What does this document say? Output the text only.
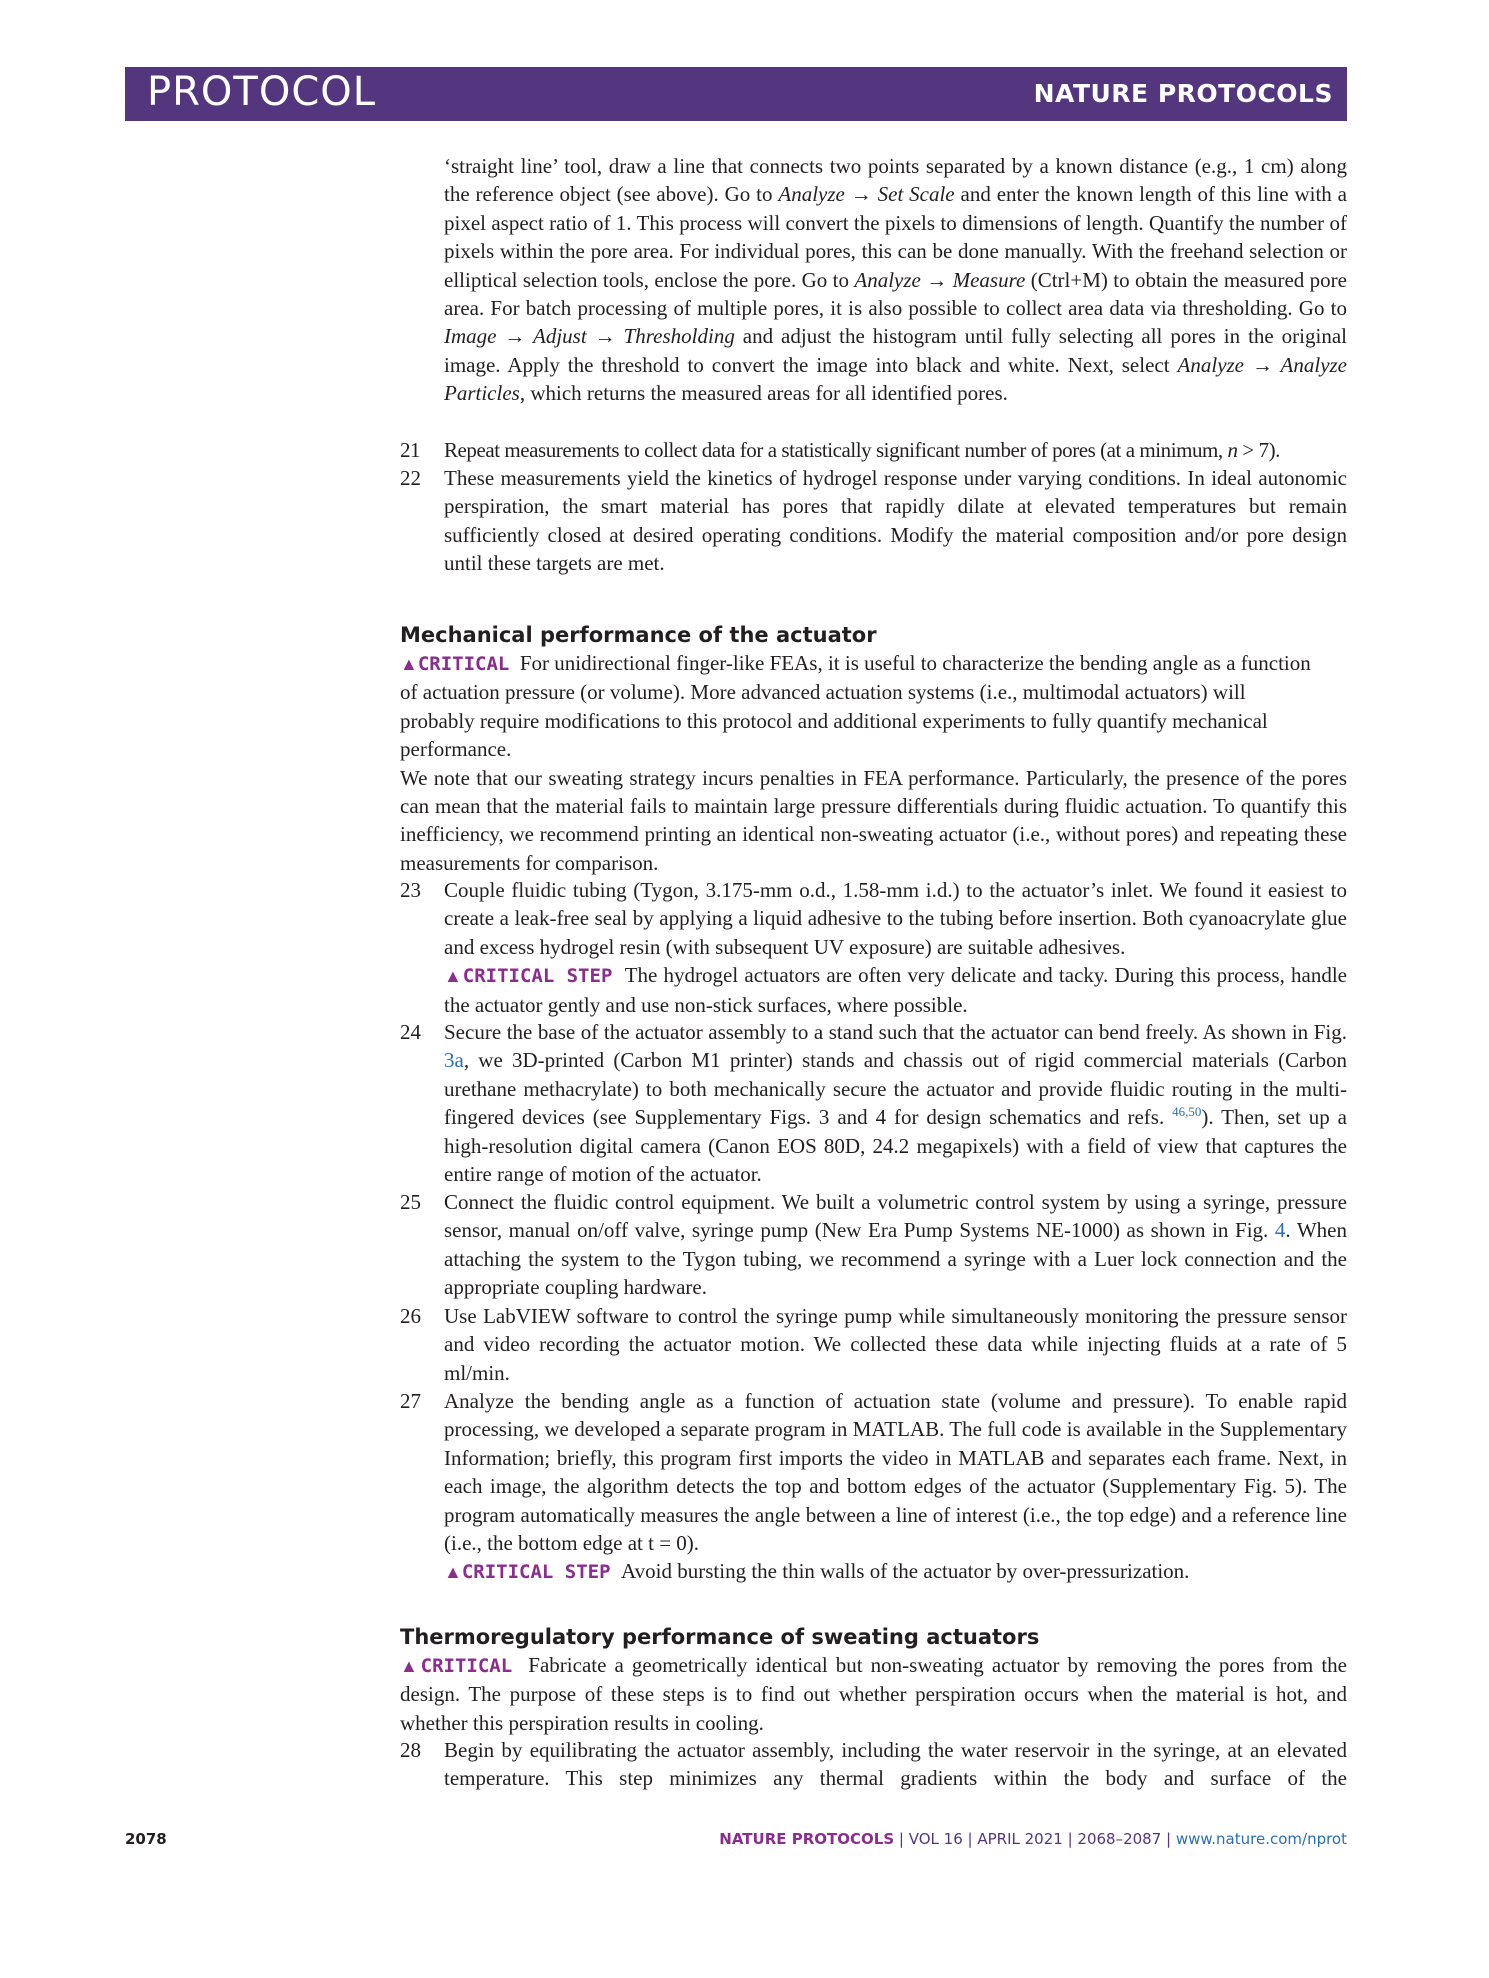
PROTOCOL	NATURE PROTOCOLS

‘straight line’ tool, draw a line that connects two points separated by a known distance (e.g., 1 cm) along the reference object (see above). Go to Analyze → Set Scale and enter the known length of this line with a pixel aspect ratio of 1. This process will convert the pixels to dimensions of length. Quantify the number of pixels within the pore area. For individual pores, this can be done manually. With the freehand selection or elliptical selection tools, enclose the pore. Go to Analyze → Measure (Ctrl+M) to obtain the measured pore area. For batch processing of multiple pores, it is also possible to collect area data via thresholding. Go to Image → Adjust → Thresholding and adjust the histogram until fully selecting all pores in the original image. Apply the threshold to convert the image into black and white. Next, select Analyze → Analyze Particles, which returns the measured areas for all identified pores.

21 Repeat measurements to collect data for a statistically significant number of pores (at a minimum, n > 7).
22 These measurements yield the kinetics of hydrogel response under varying conditions. In ideal autonomic perspiration, the smart material has pores that rapidly dilate at elevated temperatures but remain sufficiently closed at desired operating conditions. Modify the material composition and/or pore design until these targets are met.
Mechanical performance of the actuator

▲CRITICAL For unidirectional finger-like FEAs, it is useful to characterize the bending angle as a function of actuation pressure (or volume). More advanced actuation systems (i.e., multimodal actuators) will probably require modifications to this protocol and additional experiments to fully quantify mechanical performance.

We note that our sweating strategy incurs penalties in FEA performance. Particularly, the presence of the pores can mean that the material fails to maintain large pressure differentials during fluidic actuation. To quantify this inefficiency, we recommend printing an identical non-sweating actuator (i.e., without pores) and repeating these measurements for comparison.

23 Couple fluidic tubing (Tygon, 3.175-mm o.d., 1.58-mm i.d.) to the actuator’s inlet. We found it easiest to create a leak-free seal by applying a liquid adhesive to the tubing before insertion. Both cyanoacrylate glue and excess hydrogel resin (with subsequent UV exposure) are suitable adhesives.
▲CRITICAL STEP The hydrogel actuators are often very delicate and tacky. During this process, handle the actuator gently and use non-stick surfaces, where possible.
24 Secure the base of the actuator assembly to a stand such that the actuator can bend freely. As shown in Fig. 3a, we 3D-printed (Carbon M1 printer) stands and chassis out of rigid commercial materials (Carbon urethane methacrylate) to both mechanically secure the actuator and provide fluidic routing in the multi-fingered devices (see Supplementary Figs. 3 and 4 for design schematics and refs. $^{46,50}$). Then, set up a high-resolution digital camera (Canon EOS 80D, 24.2 megapixels) with a field of view that captures the entire range of motion of the actuator.
25 Connect the fluidic control equipment. We built a volumetric control system by using a syringe, pressure sensor, manual on/off valve, syringe pump (New Era Pump Systems NE-1000) as shown in Fig. 4. When attaching the system to the Tygon tubing, we recommend a syringe with a Luer lock connection and the appropriate coupling hardware.
26 Use LabVIEW software to control the syringe pump while simultaneously monitoring the pressure sensor and video recording the actuator motion. We collected these data while injecting fluids at a rate of 5 ml/min.
27 Analyze the bending angle as a function of actuation state (volume and pressure). To enable rapid processing, we developed a separate program in MATLAB. The full code is available in the Supplementary Information; briefly, this program first imports the video in MATLAB and separates each frame. Next, in each image, the algorithm detects the top and bottom edges of the actuator (Supplementary Fig. 5). The program automatically measures the angle between a line of interest (i.e., the top edge) and a reference line (i.e., the bottom edge at t = 0).
▲CRITICAL STEP Avoid bursting the thin walls of the actuator by over-pressurization.
Thermoregulatory performance of sweating actuators

▲CRITICAL Fabricate a geometrically identical but non-sweating actuator by removing the pores from the design. The purpose of these steps is to find out whether perspiration occurs when the material is hot, and whether this perspiration results in cooling.

28 Begin by equilibrating the actuator assembly, including the water reservoir in the syringe, at an elevated temperature. This step minimizes any thermal gradients within the body and surface of the
2078	NATURE PROTOCOLS | VOL 16 | APRIL 2021 | 2068–2087 | www.nature.com/nprot
